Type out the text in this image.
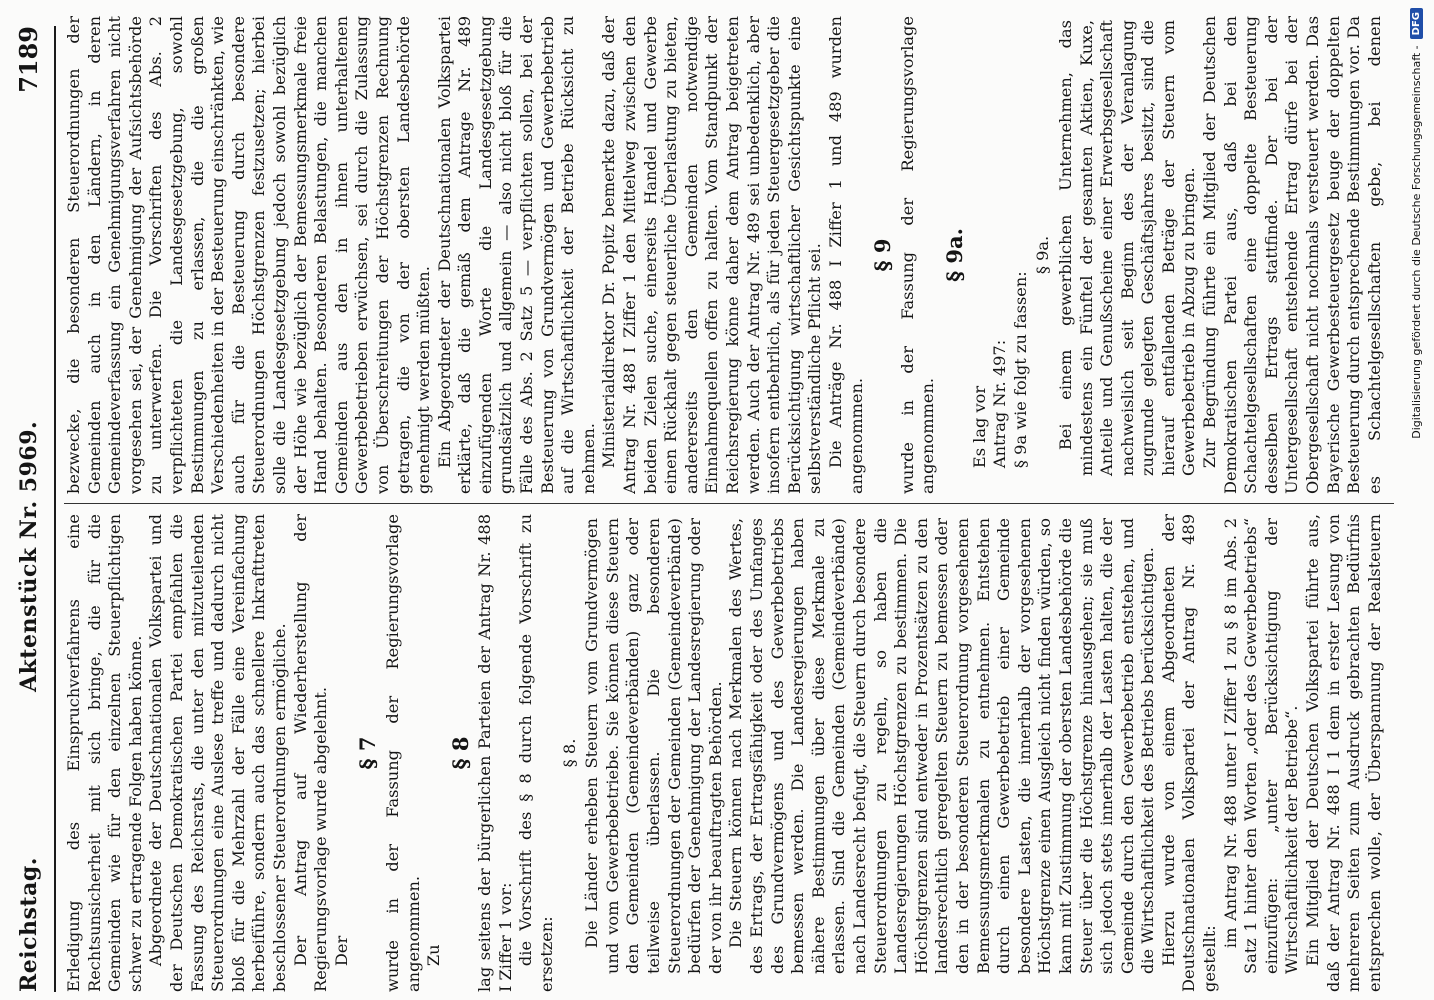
Reichstag.
Aktenstück Nr. 5969.
7189
Erledigung des Einspruchverfahrens eine Rechtsunsicherheit mit sich bringe, die für die Gemeinden wie für den einzelnen Steuerpflichtigen schwer zu ertragende Folgen haben könne. Abgeordnete der Deutschnationalen Volkspartei und der Deutschen Demokratischen Partei empfahlen die Fassung des Reichsrats, die unter den mitzuteilenden Steuerordnungen eine Auslese treffe und dadurch nicht bloß für die Mehrzahl der Fälle eine Vereinfachung herbeiführe, sondern auch das schnellere Inkrafttreten beschlossener Steuerordnungen ermögliche. Der Antrag auf Wiederherstellung der Regierungsvorlage wurde abgelehnt. Der
§ 7 wurde in der Fassung der Regierungsvorlage angenommen. Zu
§ 8 lag seitens der bürgerlichen Parteien der Antrag Nr. 488 I Ziffer 1 vor: die Vorschrift des § 8 durch folgende Vorschrift zu ersetzen:
§ 8. Die Länder erheben Steuern vom Grundvermögen und vom Gewerbebetriebe. Sie können diese Steuern den Gemeinden (Gemeindeverbänden) ganz oder teilweise überlassen. Die besonderen Steuerordnungen der Gemeinden (Gemeindeverbände) bedürfen der Genehmigung der Landesregierung oder der von ihr beauftragten Behörden. Die Steuern können nach Merkmalen des Wertes, des Ertrags, der Ertragsfähigkeit oder des Umfanges des Grundvermögens und des Gewerbebetriebs bemessen werden. Die Landesregierungen haben nähere Bestimmungen über diese Merkmale zu erlassen. Sind die Gemeinden (Gemeindeverbände) nach Landesrecht befugt, die Steuern durch besondere Steuerordnungen zu regeln, so haben die Landesregierungen Höchstgrenzen zu bestimmen. Die Höchstgrenzen sind entweder in Prozentsätzen zu den landesrechtlich geregelten Steuern zu bemessen oder den in der besonderen Steuerordnung vorgesehenen Bemessungsmerkmalen zu entnehmen. Entstehen durch einen Gewerbebetrieb einer Gemeinde besondere Lasten, die innerhalb der vorgesehenen Höchstgrenze einen Ausgleich nicht finden würden, so kann mit Zustimmung der obersten Landesbehörde die Steuer über die Höchstgrenze hinausgehen; sie muß sich jedoch stets innerhalb der Lasten halten, die der Gemeinde durch den Gewerbebetrieb entstehen, und die Wirtschaftlichkeit des Betriebs berücksichtigen. Hierzu wurde von einem Abgeordneten der Deutschnationalen Volkspartei der Antrag Nr. 489 gestellt:
im Antrag Nr. 488 unter I Ziffer 1 zu § 8 im Abs. 2 Satz 1 hinter den Worten „oder des Gewerbebetriebs“ einzufügen: „unter Berücksichtigung der Wirtschaftlichkeit der Betriebe“. Ein Mitglied der Deutschen Volkspartei führte aus, daß der Antrag Nr. 488 I 1 dem in erster Lesung von mehreren Seiten zum Ausdruck gebrachten Bedürfnis entsprechen wolle, der Überspannung der Realsteuern
bezwecke, die besonderen Steuerordnungen der Gemeinden auch in den Ländern, in deren Gemeindeverfassung ein Genehmigungsverfahren nicht vorgesehen sei, der Genehmigung der Aufsichtsbehörde zu unterwerfen. Die Vorschriften des Abs. 2 verpflichteten die Landesgesetzgebung, sowohl Bestimmungen zu erlassen, die die großen Verschiedenheiten in der Besteuerung einschränkten, wie auch für die Besteuerung durch besondere Steuerordnungen Höchstgrenzen festzusetzen; hierbei solle die Landesgesetzgebung jedoch sowohl bezüglich der Höhe wie bezüglich der Bemessungsmerkmale freie Hand behalten. Besonderen Belastungen, die manchen Gemeinden aus den in ihnen unterhaltenen Gewerbebetrieben erwüchsen, sei durch die Zulassung von Überschreitungen der Höchstgrenzen Rechnung getragen, die von der obersten Landesbehörde genehmigt werden müßten. Ein Abgeordneter der Deutschnationalen Volkspartei erklärte, daß die gemäß dem Antrage Nr. 489 einzufügenden Worte die Landesgesetzgebung grundsätzlich und allgemein — also nicht bloß für die Fälle des Abs. 2 Satz 5 — verpflichten sollen, bei der Besteuerung von Grundvermögen und Gewerbebetrieb auf die Wirtschaftlichkeit der Betriebe Rücksicht zu nehmen. Ministerialdirektor Dr. Popitz bemerkte dazu, daß der Antrag Nr. 488 I Ziffer 1 den Mittelweg zwischen den beiden Zielen suche, einerseits Handel und Gewerbe einen Rückhalt gegen steuerliche Überlastung zu bieten, andererseits den Gemeinden notwendige Einnahmequellen offen zu halten. Vom Standpunkt der Reichsregierung könne daher dem Antrag beigetreten werden. Auch der Antrag Nr. 489 sei unbedenklich, aber insofern entbehrlich, als für jeden Steuergesetzgeber die Berücksichtigung wirtschaftlicher Gesichtspunkte eine selbstverständliche Pflicht sei. Die Anträge Nr. 488 I Ziffer 1 und 489 wurden angenommen.
§ 9 wurde in der Fassung der Regierungsvorlage angenommen.
§ 9a.
Es lag vor Antrag Nr. 497: § 9a wie folgt zu fassen:
§ 9a. Bei einem gewerblichen Unternehmen, das mindestens ein Fünftel der gesamten Aktien, Kuxe, Anteile und Genußscheine einer Erwerbsgesellschaft nachweislich seit Beginn des der Veranlagung zugrunde gelegten Geschäftsjahres besitzt, sind die hierauf entfallenden Beträge der Steuern vom Gewerbebetrieb in Abzug zu bringen. Zur Begründung führte ein Mitglied der Deutschen Demokratischen Partei aus, daß bei den Schachtelgesellschaften eine doppelte Besteuerung desselben Ertrags stattfinde. Der bei der Untergesellschaft entstehende Ertrag dürfe bei der Obergesellschaft nicht nochmals versteuert werden. Das Bayerische Gewerbesteuergesetz beuge der doppelten Besteuerung durch entsprechende Bestimmungen vor. Da es Schachtelgesellschaften gebe, bei denen
Digitalisierung gefördert durch die Deutsche Forschungsgemeinschaft -
DFG
